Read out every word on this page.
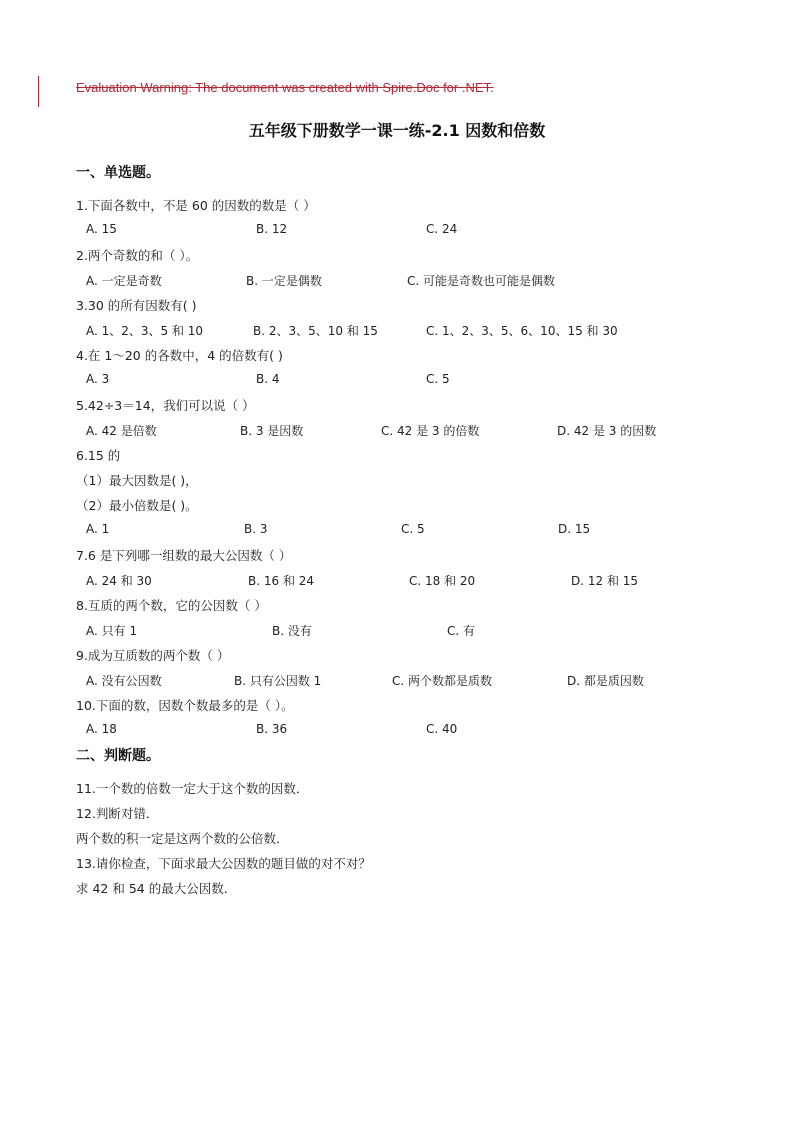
Evaluation Warning: The document was created with Spire.Doc for .NET.
五年级下册数学一课一练-2.1 因数和倍数
一、单选题。
1.下面各数中，不是 60 的因数的数是（ ）
A. 15	B. 12	C. 24
2.两个奇数的和（ ）。
A. 一定是奇数	B. 一定是偶数	C. 可能是奇数也可能是偶数
3.30 的所有因数有( )
A. 1、2、3、5 和 10	B. 2、3、5、10 和 15	C. 1、2、3、5、6、10、15 和 30
4.在 1～20 的各数中，4 的倍数有( )
A. 3	B. 4	C. 5
5.42÷3＝14，我们可以说（ ）
A. 42 是倍数	B. 3 是因数	C. 42 是 3 的倍数	D. 42 是 3 的因数
6.15 的
（1）最大因数是( )，
（2）最小倍数是( )。
A. 1	B. 3	C. 5	D. 15
7.6 是下列哪一组数的最大公因数（ ）
A. 24 和 30	B. 16 和 24	C. 18 和 20	D. 12 和 15
8.互质的两个数，它的公因数（ ）
A. 只有 1	B. 没有	C. 有
9.成为互质数的两个数（ ）
A. 没有公因数	B. 只有公因数 1	C. 两个数都是质数	D. 都是质因数
10.下面的数，因数个数最多的是（ ）。
A. 18	B. 36	C. 40
二、判断题。
11.一个数的倍数一定大于这个数的因数．
12.判断对错．
两个数的积一定是这两个数的公倍数．
13.请你检查，下面求最大公因数的题目做的对不对？
求 42 和 54 的最大公因数．
